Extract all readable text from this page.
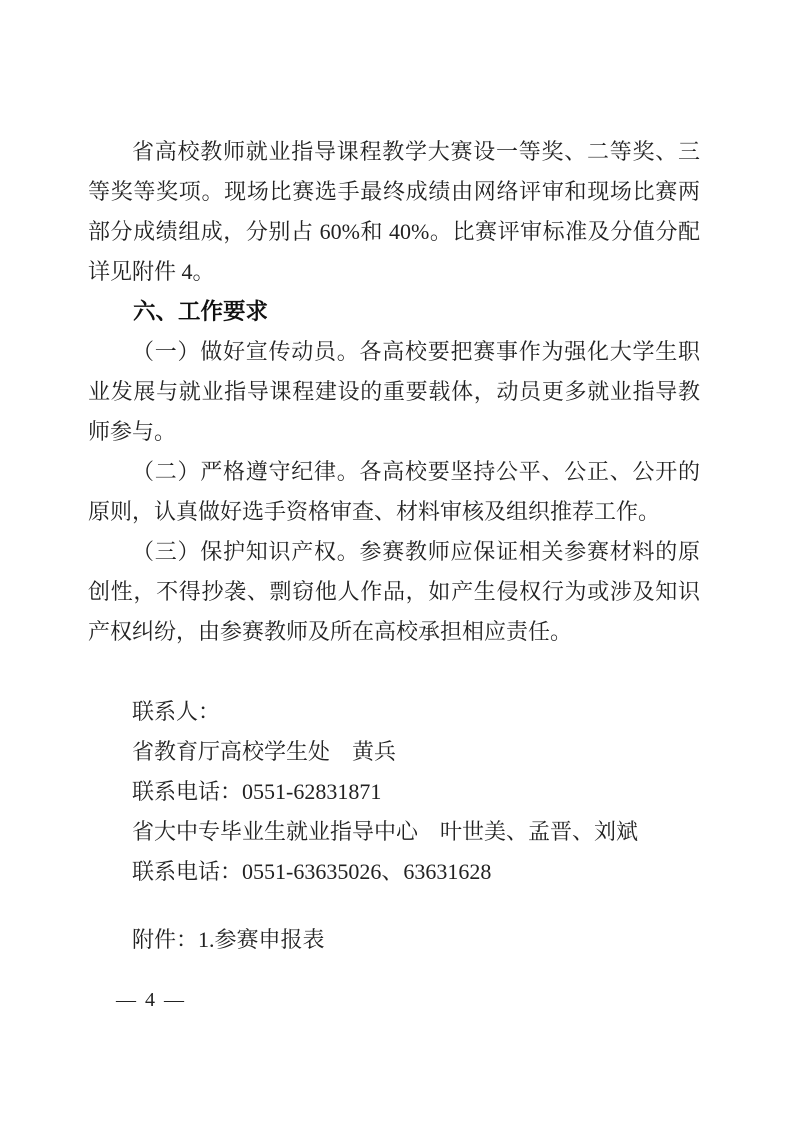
省高校教师就业指导课程教学大赛设一等奖、二等奖、三等奖等奖项。现场比赛选手最终成绩由网络评审和现场比赛两部分成绩组成，分别占 60%和 40%。比赛评审标准及分值分配详见附件 4。

六、工作要求

（一）做好宣传动员。各高校要把赛事作为强化大学生职业发展与就业指导课程建设的重要载体，动员更多就业指导教师参与。

（二）严格遵守纪律。各高校要坚持公平、公正、公开的原则，认真做好选手资格审查、材料审核及组织推荐工作。

（三）保护知识产权。参赛教师应保证相关参赛材料的原创性，不得抄袭、剽窃他人作品，如产生侵权行为或涉及知识产权纠纷，由参赛教师及所在高校承担相应责任。

联系人：

省教育厅高校学生处　黄兵

联系电话：0551-62831871

省大中专毕业生就业指导中心　叶世美、孟晋、刘斌

联系电话：0551-63635026、63631628

附件：1.参赛申报表

— 4 —
